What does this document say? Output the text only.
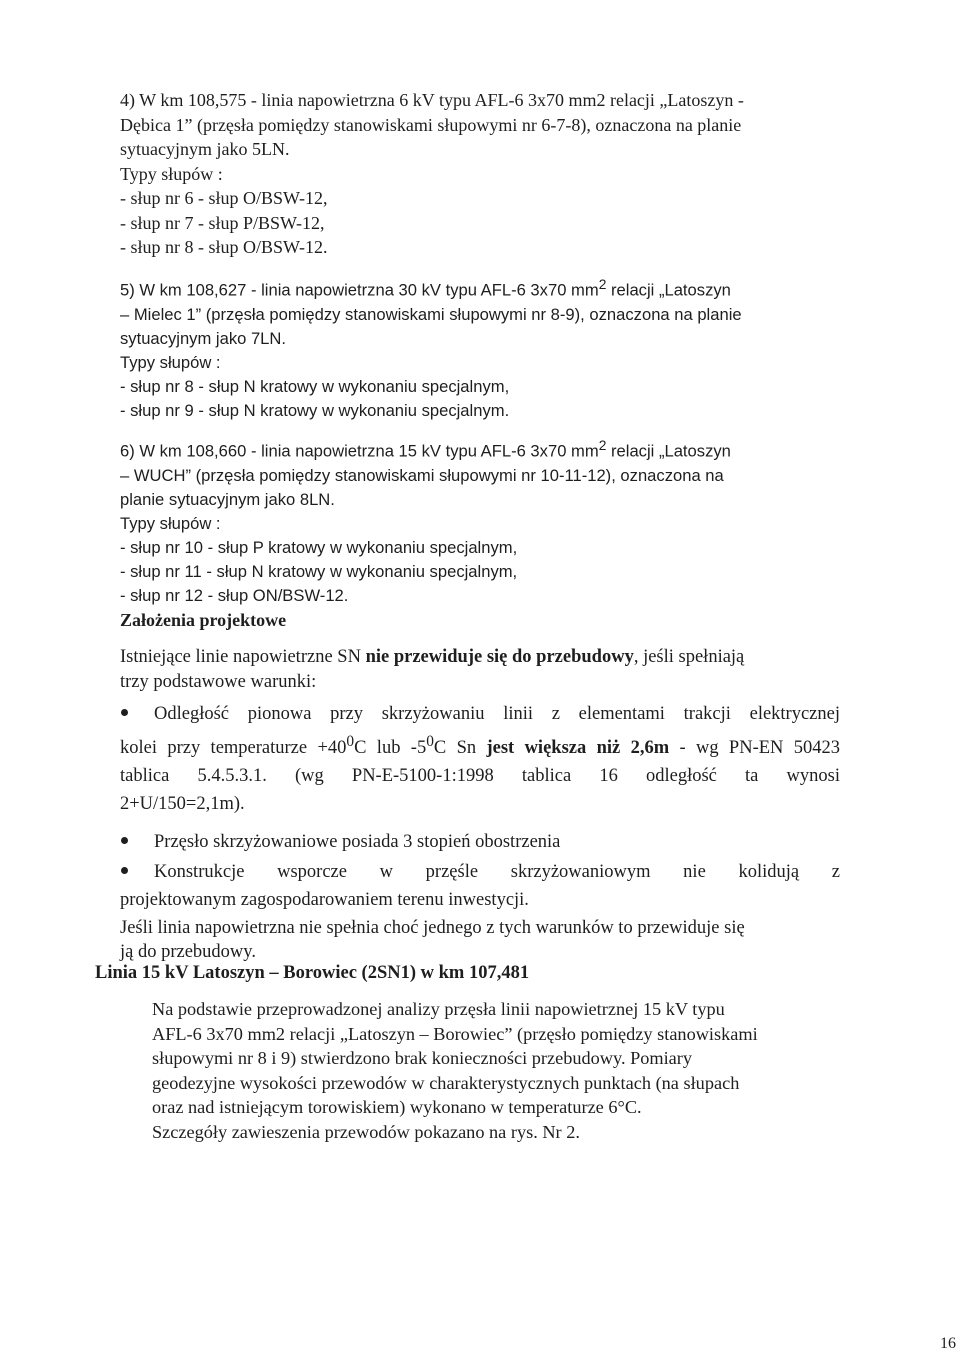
4) W km 108,575 - linia napowietrzna 6 kV typu AFL-6 3x70 mm2 relacji „Latoszyn -
Dębica 1” (przęsła pomiędzy stanowiskami słupowymi nr 6-7-8), oznaczona na planie
sytuacyjnym jako 5LN.
Typy słupów :
- słup nr 6 - słup O/BSW-12,
- słup nr 7 - słup P/BSW-12,
- słup nr 8 - słup O/BSW-12.
5) W km 108,627 - linia napowietrzna 30 kV typu AFL-6 3x70 $mm^2$ relacji „Latoszyn
– Mielec 1” (przęsła pomiędzy stanowiskami słupowymi nr 8-9), oznaczona na planie
sytuacyjnym jako 7LN.
Typy słupów :
- słup nr 8 - słup N kratowy w wykonaniu specjalnym,
- słup nr 9 - słup N kratowy w wykonaniu specjalnym.
6) W km 108,660 - linia napowietrzna 15 kV typu AFL-6 3x70 $mm^2$ relacji „Latoszyn
– WUCH” (przęsła pomiędzy stanowiskami słupowymi nr 10-11-12), oznaczona na
planie sytuacyjnym jako 8LN.
Typy słupów :
- słup nr 10 - słup P kratowy w wykonaniu specjalnym,
- słup nr 11 - słup N kratowy w wykonaniu specjalnym,
- słup nr 12 - słup ON/BSW-12.
Założenia projektowe
Istniejące linie napowietrzne SN nie przewiduje się do przebudowy, jeśli spełniają
trzy podstawowe warunki:
Odległość pionowa przy skrzyżowaniu linii z elementami trakcji elektrycznej
kolei przy temperaturze $+40^0C$ lub $-5^0C$ Sn jest większa niż 2,6m - wg PN-EN 50423
tablica 5.4.5.3.1. (wg PN-E-5100-1:1998 tablica 16 odległość ta wynosi
2+U/150=2,1m).
Przęsło skrzyżowaniowe posiada 3 stopień obostrzenia
Konstrukcje wsporcze w przęśle skrzyżowaniowym nie kolidują z
projektowanym zagospodarowaniem terenu inwestycji.
Jeśli linia napowietrzna nie spełnia choć jednego z tych warunków to przewiduje się
ją do przebudowy.
Linia 15 kV Latoszyn – Borowiec (2SN1) w km 107,481
Na podstawie przeprowadzonej analizy przęsła linii napowietrznej 15 kV typu
AFL-6 3x70 mm2 relacji „Latoszyn – Borowiec” (przęsło pomiędzy stanowiskami
słupowymi nr 8 i 9) stwierdzono brak konieczności przebudowy. Pomiary
geodezyjne wysokości przewodów w charakterystycznych punktach (na słupach
oraz nad istniejącym torowiskiem) wykonano w temperaturze 6°C.
Szczegóły zawieszenia przewodów pokazano na rys. Nr 2.
16
